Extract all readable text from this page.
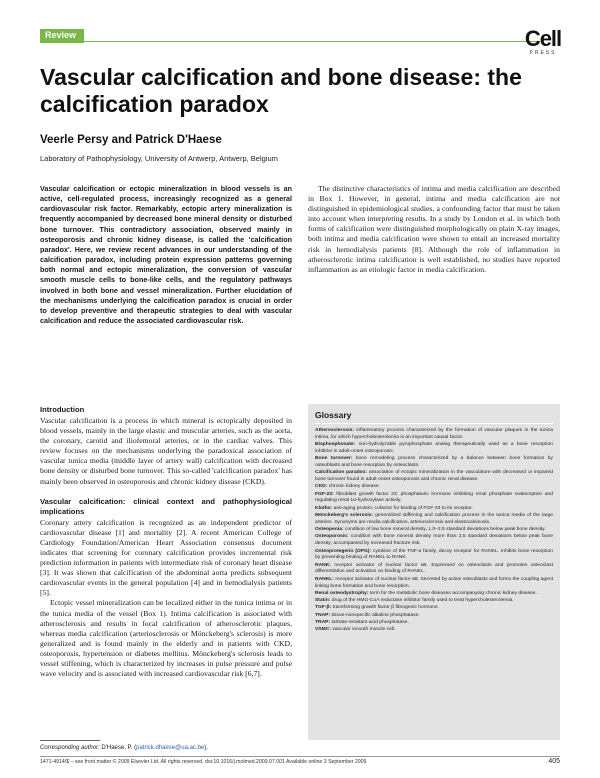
Review	Cell
PRESS
Vascular calcification and bone disease: the calcification paradox
Veerle Persy and Patrick D'Haese
Laboratory of Pathophysiology, University of Antwerp, Antwerp, Belgium
Vascular calcification or ectopic mineralization in blood vessels is an active, cell-regulated process, increasingly recognized as a general cardiovascular risk factor. Remarkably, ectopic artery mineralization is frequently accompanied by decreased bone mineral density or disturbed bone turnover. This contradictory association, observed mainly in osteoporosis and chronic kidney disease, is called the 'calcification paradox'. Here, we review recent advances in our understanding of the calcification paradox, including protein expression patterns governing both normal and ectopic mineralization, the conversion of vascular smooth muscle cells to bone-like cells, and the regulatory pathways involved in both bone and vessel mineralization. Further elucidation of the mechanisms underlying the calcification paradox is crucial in order to develop preventive and therapeutic strategies to deal with vascular calcification and reduce the associated cardiovascular risk.
Introduction

Vascular calcification is a process in which mineral is ectopically deposited in blood vessels, mainly in the large elastic and muscular arteries, such as the aorta, the coronary, carotid and iliofemoral arteries, or in the cardiac valves. This review focuses on the mechanisms underlying the paradoxical association of vascular tunica media (middle layer of artery wall) calcification with decreased bone density or disturbed bone turnover. This so-called 'calcification paradox' has mainly been observed in osteoporosis and chronic kidney disease (CKD).

Vascular calcification: clinical context and pathophysiological implications

Coronary artery calcification is recognized as an independent predictor of cardiovascular disease [1] and mortality [2]. A recent American College of Cardiology Foundation/American Heart Association consensus document indicates that screening for coronary calcification provides incremental risk prediction information in patients with intermediate risk of coronary heart disease [3]. It was shown that calcification of the abdominal aorta predicts subsequent cardiovascular events in the general population [4] and in hemodialysis patients [5].

Ectopic vessel mineralization can be localized either in the tunica intima or in the tunica media of the vessel (Box 1). Intima calcification is associated with atherosclerosis and results in focal calcification of atherosclerotic plaques, whereas media calcification (arteriosclerosis or Mönckeberg's sclerosis) is more generalized and is found mainly in the elderly and in patients with CKD, osteoporosis, hypertension or diabetes mellitus. Mönckeberg's sclerosis leads to vessel stiffening, which is characterized by increases in pulse pressure and pulse wave velocity and is associated with increased cardiovascular risk [6,7].

The distinctive characteristics of intima and media calcification are described in Box 1. However, in general, intima and media calcification are not distinguished in epidemiological studies, a confounding factor that must be taken into account when interpreting results. In a study by London et al. in which both forms of calcification were distinguished morphologically on plain X-ray images, both intima and media calcification were shown to entail an increased mortality risk in hemodialysis patients [8]. Although the role of inflammation in atherosclerotic intima calcification is well established, no studies have reported inflammation as an etiologic factor in media calcification.

Glossary
Atherosclerosis: inflammatory process characterized by the formation of vascular plaques in the tunica intima, for which hypercholesterolemia is an important causal factor.
Bisphosphonate: non-hydrolyzable pyrophosphate analog therapeutically used as a bone resorption inhibitor in adult-onset osteoporosis.
Bone turnover: bone remodeling process characterized by a balance between bone formation by osteoblasts and bone resorption by osteoclasts.
Calcification paradox: association of ectopic mineralization in the vasculature with decreased or impaired bone turnover found in adult-onset osteoporosis and chronic renal disease.
CKD: chronic kidney disease.
FGF-23: fibroblast growth factor 23; phosphaturic hormone inhibiting renal phosphate reabsorption and regulating renal 1α-hydroxylase activity.
Klotho: anti-aging protein; cofactor for binding of FGF-23 to its receptor.
Mönckeberg's sclerosis: generalized stiffening and calcification process in the tunica media of the large arteries. Synonyms are media calcification, arteriosclerosis and elastocalcinosis.
Osteopenia: condition of low bone mineral density, 1.0–2.5 standard deviations below peak bone density.
Osteoporosis: condition with bone mineral density more than 2.5 standard deviations below peak bone density; accompanied by increased fracture risk.
Osteoprotegerin (OPG): cytokine of the TNF-α family, decoy receptor for RANKL. Inhibits bone resorption by preventing binding of RANKL to RANK.
RANK: receptor activator of nuclear factor κB. Expressed on osteoclasts and promotes osteoclast differentiation and activation on binding of RANKL.
RANKL: receptor activator of nuclear factor κB. Secreted by active osteoblasts and forms the coupling agent linking bone formation and bone resorption.
Renal osteodystrophy: term for the metabolic bone diseases accompanying chronic kidney disease.
Statin: drug of the HMG-CoA reductase inhibitor family used to treat hypercholesterolemia.
TGF-β: transforming growth factor β fibrogenic hormone.
TNAP: tissue-nonspecific alkaline phosphatase.
TRAP: tartrate-resistant acid phosphatase.
VSMC: vascular smooth muscle cell.
Corresponding author: D'Haese, P. (patrick.dhaese@ua.ac.be).
1471-4914/$ – see front matter © 2009 Elsevier Ltd. All rights reserved. doi:10.1016/j.molmed.2009.07.001 Available online 3 September 2009	405
